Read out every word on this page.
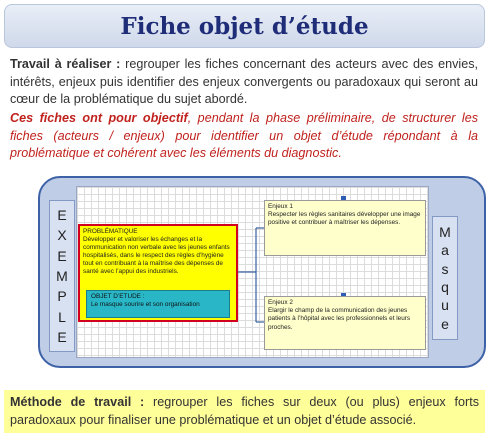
Fiche objet d’étude

Travail à réaliser : regrouper les fiches concernant des acteurs avec des envies, intérêts, enjeux puis identifier des enjeux convergents ou paradoxaux qui seront au cœur de la problématique du sujet abordé.

Ces fiches ont pour objectif, pendant la phase préliminaire, de structurer les fiches (acteurs / enjeux) pour identifier un objet d’étude répondant à la problématique et cohérent avec les éléments du diagnostic.

E
X
E
M
P
L
E
PROBLÉMATIQUE
Développer et valoriser les échanges et la communication non verbale avec les jeunes enfants hospitalisés, dans le respect des règles d’hygiène tout en contribuant à la maîtrise des dépenses de santé avec l’appui des industriels.
OBJET D’ETUDE :
Le masque sourire et son organisation
Enjeux 1
Respecter les règles sanitaires développer une image positive et contribuer à maîtriser les dépenses.
Enjeux 2
Elargir le champ de la communication des jeunes patients à l’hôpital avec les professionnels et leurs proches.
M
a
s
q
u
e
Méthode de travail : regrouper les fiches sur deux (ou plus) enjeux forts paradoxaux pour finaliser une problématique et un objet d’étude associé.
